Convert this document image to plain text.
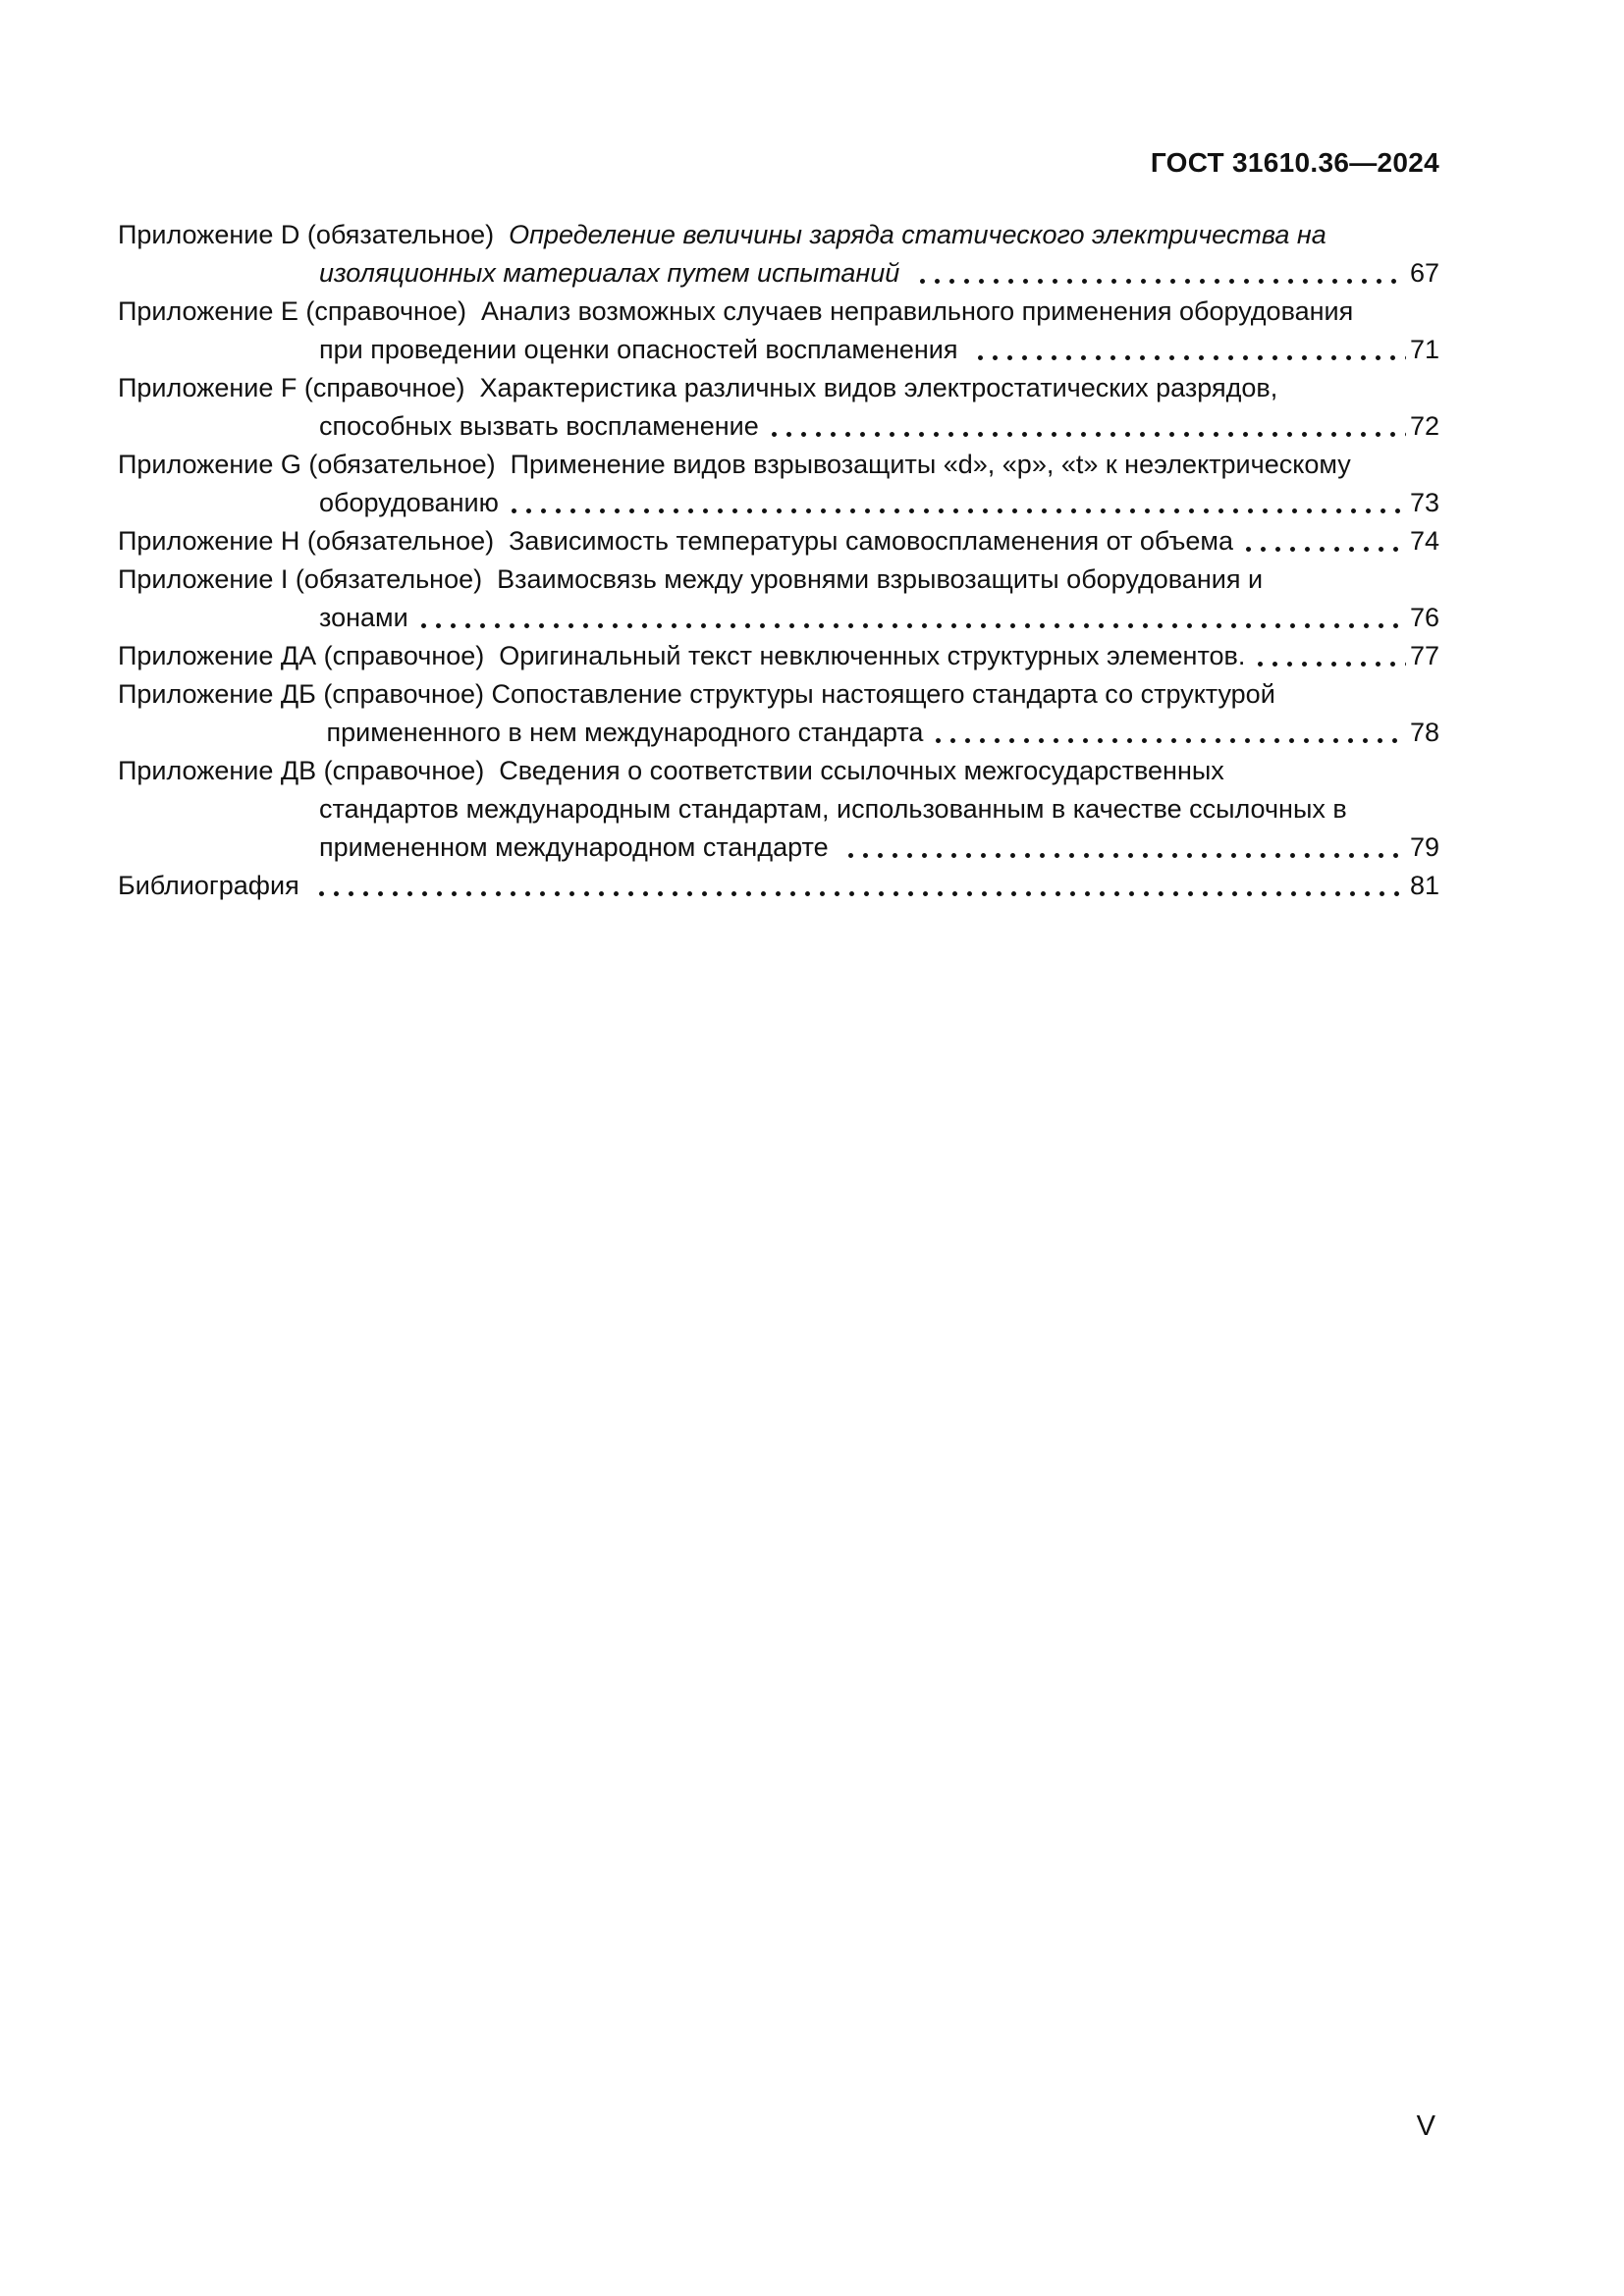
ГОСТ 31610.36—2024
Приложение D (обязательное) Определение величины заряда статического электричества на
изоляционных материалах путем испытаний	67
Приложение E (справочное)  Анализ возможных случаев неправильного применения оборудования
при проведении оценки опасностей воспламенения	71
Приложение F (справочное)  Характеристика различных видов электростатических разрядов,
способных вызвать воспламенение	72
Приложение G (обязательное)  Применение видов взрывозащиты «d», «p», «t» к неэлектрическому
оборудованию	73
Приложение H (обязательное)  Зависимость температуры самовоспламенения от объема	74
Приложение I (обязательное)  Взаимосвязь между уровнями взрывозащиты оборудования и
зонами	76
Приложение ДА (справочное)  Оригинальный текст невключенных структурных элементов.	77
Приложение ДБ (справочное) Сопоставление структуры настоящего стандарта со структурой
примененного в нем международного стандарта	78
Приложение ДВ (справочное)  Сведения о соответствии ссылочных межгосударственных
стандартов международным стандартам, использованным в качестве ссылочных в
примененном международном стандарте	79
Библиография	81
V
